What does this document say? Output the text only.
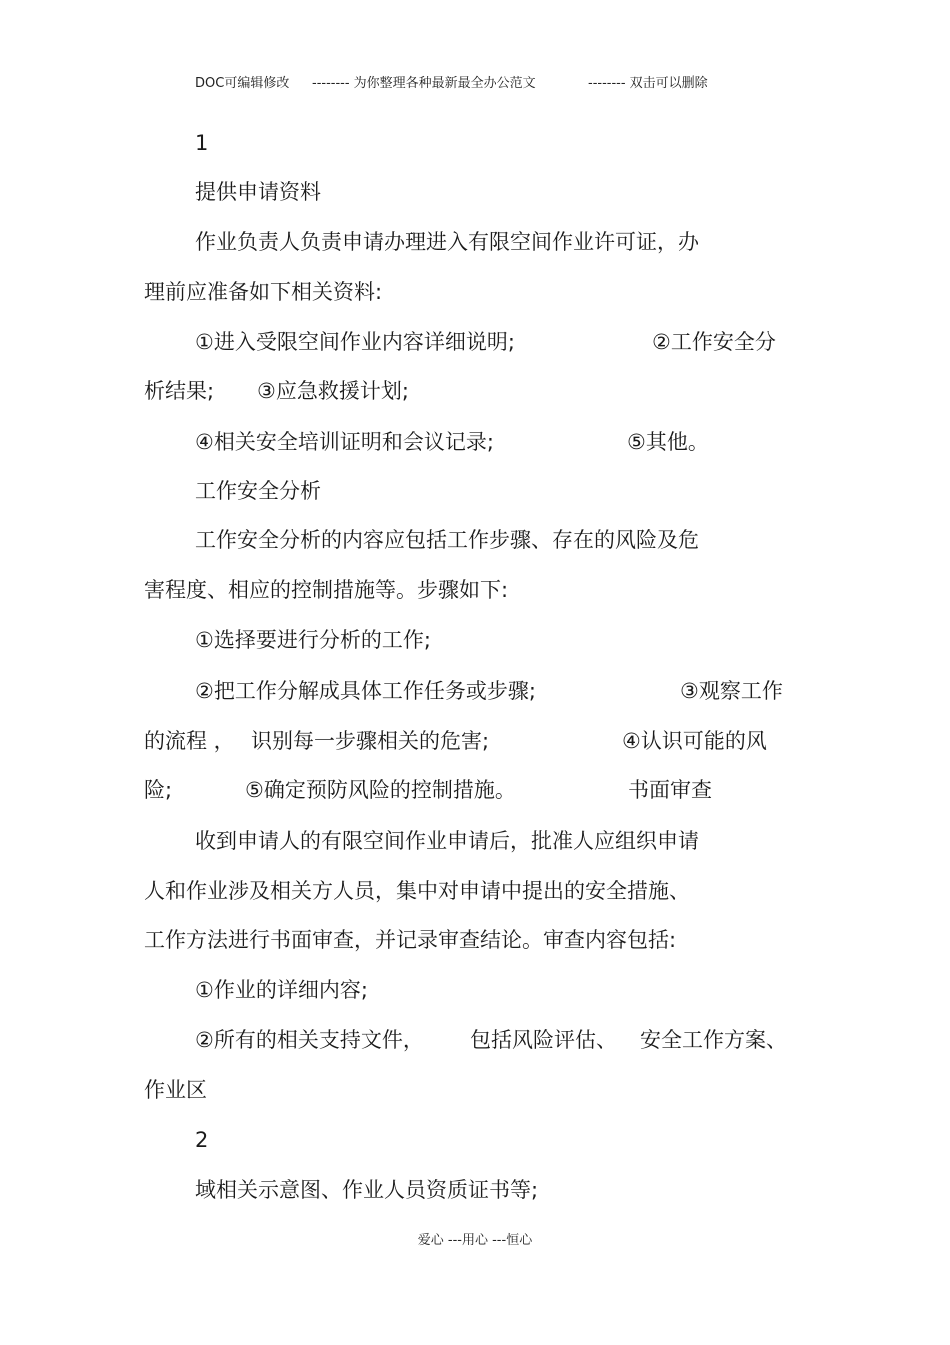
DOC可编辑修改 -------- 为你整理各种最新最全办公范文	-------- 双击可以删除
1
提供申请资料
作业负责人负责申请办理进入有限空间作业许可证，办
理前应准备如下相关资料:
①进入受限空间作业内容详细说明;	②工作安全分
析结果; ③应急救援计划;
④相关安全培训证明和会议记录;	⑤其他。
工作安全分析
工作安全分析的内容应包括工作步骤、存在的风险及危
害程度、相应的控制措施等。步骤如下:
①选择要进行分析的工作;
②把工作分解成具体工作任务或步骤;	③观察工作
的流程 ， 识别每一步骤相关的危害;	④认识可能的风
险;	⑤确定预防风险的控制措施。	书面审查
收到申请人的有限空间作业申请后，批准人应组织申请
人和作业涉及相关方人员，集中对申请中提出的安全措施、
工作方法进行书面审查，并记录审查结论。审查内容包括:
①作业的详细内容;
②所有的相关支持文件， 包括风险评估、 安全工作方案、
作业区
2
域相关示意图、作业人员资质证书等;
爱心 ---用心 ---恒心
